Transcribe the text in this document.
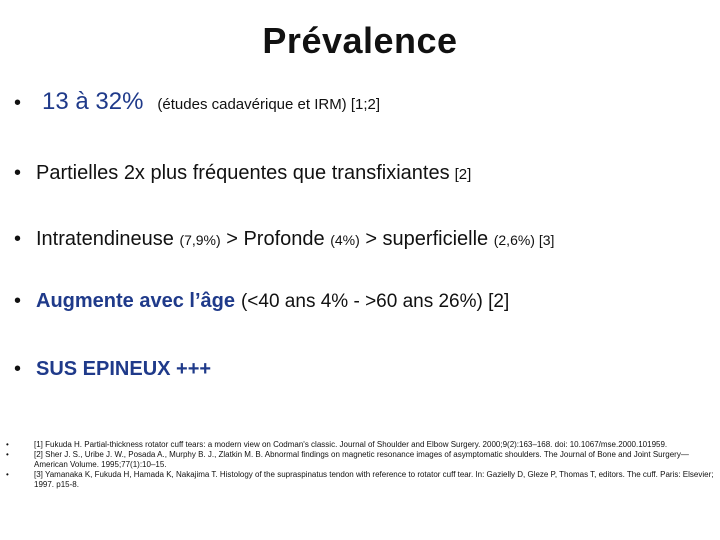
Prévalence
• 13 à 32% (études cadavérique et IRM) [1;2]
• Partielles 2x plus fréquentes que transfixiantes [2]
• Intratendineuse (7,9%) > Profonde (4%) > superficielle (2,6%) [3]
• Augmente avec l’âge (<40 ans 4% - >60 ans 26%) [2]
• SUS EPINEUX +++
•	[1] Fukuda H. Partial-thickness rotator cuff tears: a modern view on Codman's classic. Journal of Shoulder and Elbow Surgery. 2000;9(2):163–168. doi: 10.1067/mse.2000.101959.
•	[2] Sher J. S., Uribe J. W., Posada A., Murphy B. J., Zlatkin M. B. Abnormal findings on magnetic resonance images of asymptomatic shoulders. The Journal of Bone and Joint Surgery—American Volume. 1995;77(1):10–15.
•	[3] Yamanaka K, Fukuda H, Hamada K, Nakajima T. Histology of the supraspinatus tendon with reference to rotator cuff tear. In: Gazielly D, Gleze P, Thomas T, editors. The cuff. Paris: Elsevier; 1997. p15-8.
